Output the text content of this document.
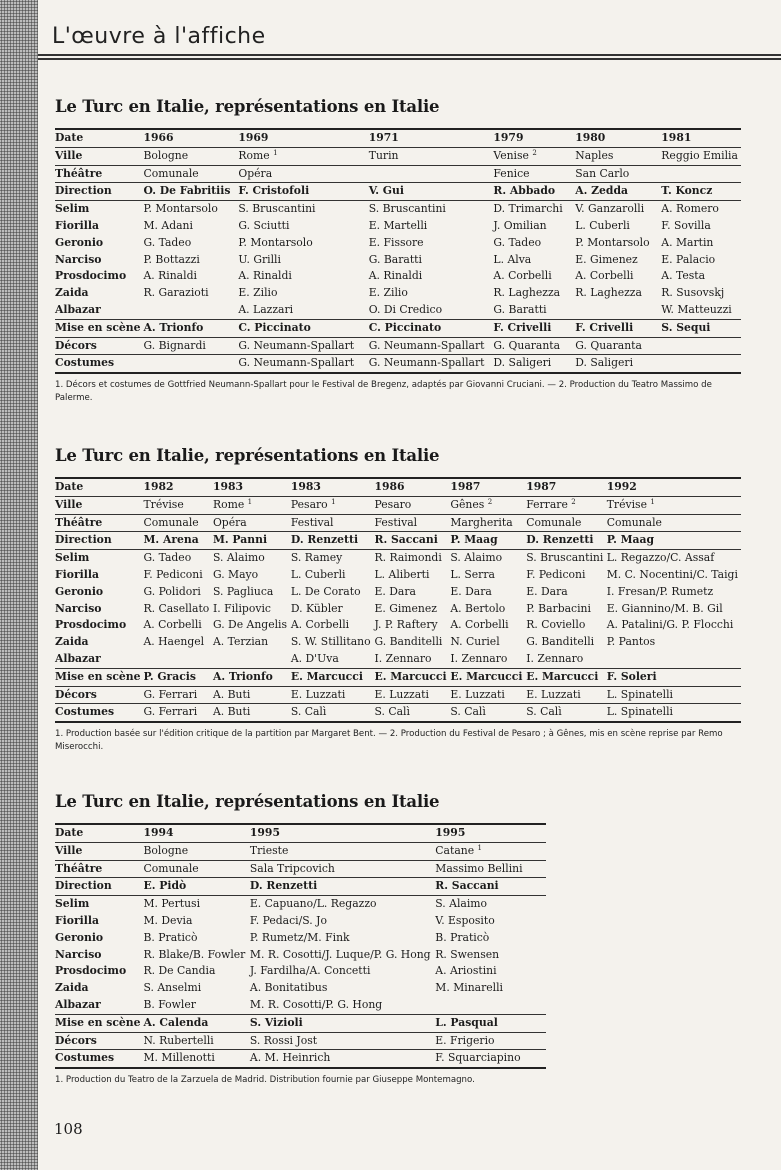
L'œuvre à l'affiche
Le Turc en Italie, représentations en Italie
Date	1966	1969	1971	1979	1980	1981
Ville	Bologne	Rome $^1$	Turin	Venise $^2$	Naples	Reggio Emilia
Théâtre	Comunale	Opéra		Fenice	San Carlo	
Direction	O. De Fabritiis	F. Cristofoli	V. Gui	R. Abbado	A. Zedda	T. Koncz
Selim	P. Montarsolo	S. Bruscantini	S. Bruscantini	D. Trimarchi	V. Ganzarolli	A. Romero
Fiorilla	M. Adani	G. Sciutti	E. Martelli	J. Omilian	L. Cuberli	F. Sovilla
Geronio	G. Tadeo	P. Montarsolo	E. Fissore	G. Tadeo	P. Montarsolo	A. Martin
Narciso	P. Bottazzi	U. Grilli	G. Baratti	L. Alva	E. Gimenez	E. Palacio
Prosdocimo	A. Rinaldi	A. Rinaldi	A. Rinaldi	A. Corbelli	A. Corbelli	A. Testa
Zaida	R. Garazioti	E. Zilio	E. Zilio	R. Laghezza	R. Laghezza	R. Susovskj
Albazar		A. Lazzari	O. Di Credico	G. Baratti		W. Matteuzzi
Mise en scène	A. Trionfo	C. Piccinato	C. Piccinato	F. Crivelli	F. Crivelli	S. Sequi
Décors	G. Bignardi	G. Neumann-Spallart	G. Neumann-Spallart	G. Quaranta	G. Quaranta	
Costumes		G. Neumann-Spallart	G. Neumann-Spallart	D. Saligeri	D. Saligeri	
1. Décors et costumes de Gottfried Neumann-Spallart pour le Festival de Bregenz, adaptés par Giovanni Cruciani. — 2. Production du Teatro Massimo de Palerme.
Le Turc en Italie, représentations en Italie
Date	1982	1983	1983	1986	1987	1987	1992
Ville	Trévise	Rome $^1$	Pesaro $^1$	Pesaro	Gênes $^2$	Ferrare $^2$	Trévise $^1$
Théâtre	Comunale	Opéra	Festival	Festival	Margherita	Comunale	Comunale
Direction	M. Arena	M. Panni	D. Renzetti	R. Saccani	P. Maag	D. Renzetti	P. Maag
Selim	G. Tadeo	S. Alaimo	S. Ramey	R. Raimondi	S. Alaimo	S. Bruscantini	L. Regazzo/C. Assaf
Fiorilla	F. Pediconi	G. Mayo	L. Cuberli	L. Aliberti	L. Serra	F. Pediconi	M. C. Nocentini/C. Taigi
Geronio	G. Polidori	S. Pagliuca	L. De Corato	E. Dara	E. Dara	E. Dara	I. Fresan/P. Rumetz
Narciso	R. Casellato	I. Filipovic	D. Kübler	E. Gimenez	A. Bertolo	P. Barbacini	E. Giannino/M. B. Gil
Prosdocimo	A. Corbelli	G. De Angelis	A. Corbelli	J. P. Raftery	A. Corbelli	R. Coviello	A. Patalini/G. P. Flocchi
Zaida	A. Haengel	A. Terzian	S. W. Stillitano	G. Banditelli	N. Curiel	G. Banditelli	P. Pantos
Albazar			A. D'Uva	I. Zennaro	I. Zennaro	I. Zennaro	
Mise en scène	P. Gracis	A. Trionfo	E. Marcucci	E. Marcucci	E. Marcucci	E. Marcucci	F. Soleri
Décors	G. Ferrari	A. Buti	E. Luzzati	E. Luzzati	E. Luzzati	E. Luzzati	L. Spinatelli
Costumes	G. Ferrari	A. Buti	S. Calì	S. Calì	S. Calì	S. Calì	L. Spinatelli
1. Production basée sur l'édition critique de la partition par Margaret Bent. — 2. Production du Festival de Pesaro ; à Gênes, mis en scène reprise par Remo Miserocchi.
Le Turc en Italie, représentations en Italie
Date	1994	1995	1995
Ville	Bologne	Trieste	Catane $^1$
Théâtre	Comunale	Sala Tripcovich	Massimo Bellini
Direction	E. Pidò	D. Renzetti	R. Saccani
Selim	M. Pertusi	E. Capuano/L. Regazzo	S. Alaimo
Fiorilla	M. Devia	F. Pedaci/S. Jo	V. Esposito
Geronio	B. Praticò	P. Rumetz/M. Fink	B. Praticò
Narciso	R. Blake/B. Fowler	M. R. Cosotti/J. Luque/P. G. Hong	R. Swensen
Prosdocimo	R. De Candia	J. Fardilha/A. Concetti	A. Ariostini
Zaida	S. Anselmi	A. Bonitatibus	M. Minarelli
Albazar	B. Fowler	M. R. Cosotti/P. G. Hong	
Mise en scène	A. Calenda	S. Vizioli	L. Pasqual
Décors	N. Rubertelli	S. Rossi Jost	E. Frigerio
Costumes	M. Millenotti	A. M. Heinrich	F. Squarciapino
1. Production du Teatro de la Zarzuela de Madrid. Distribution fournie par Giuseppe Montemagno.
108
